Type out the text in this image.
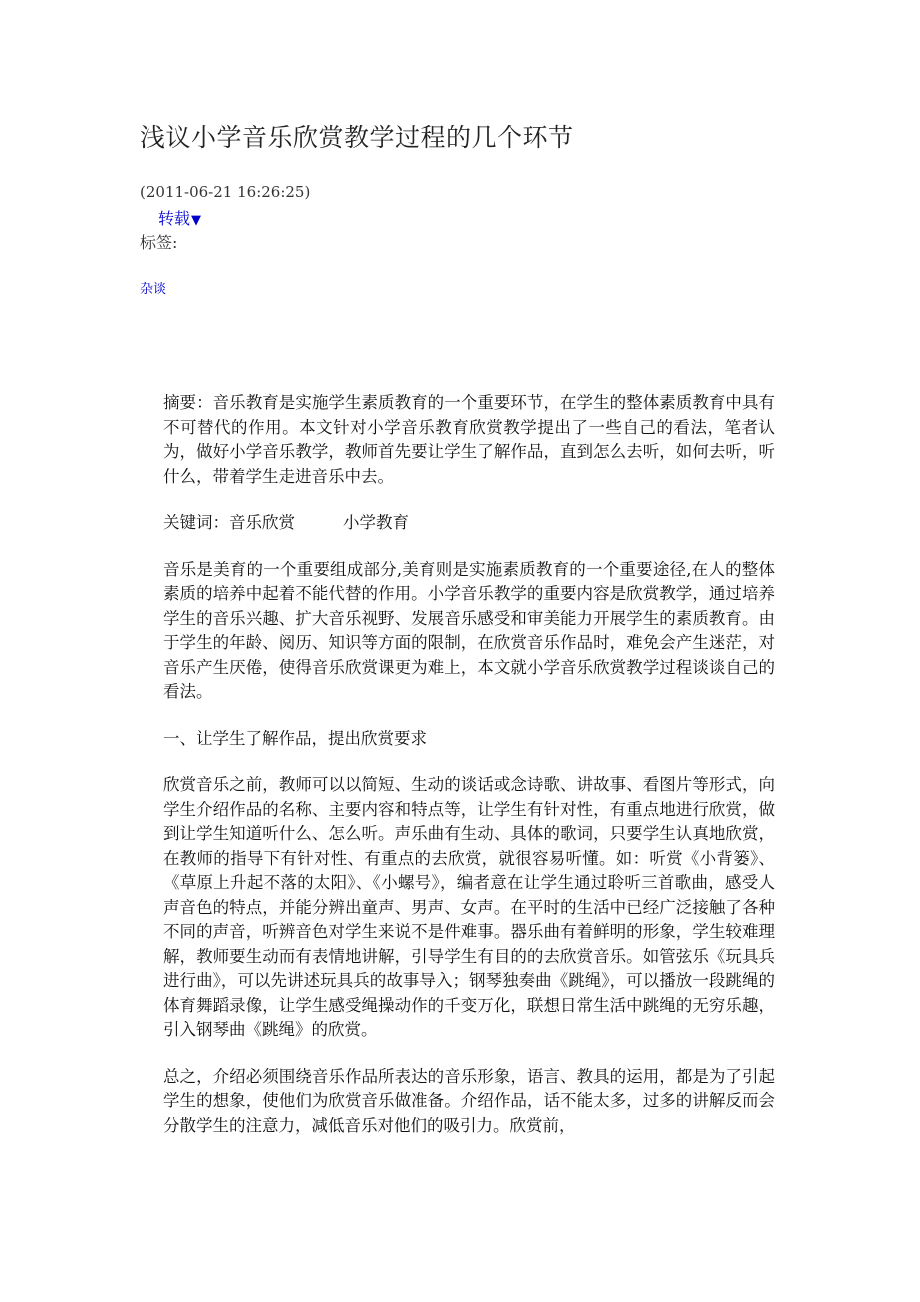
浅议小学音乐欣赏教学过程的几个环节
(2011-06-21 16:26:25)
转载▼
标签:
杂谈

摘要：音乐教育是实施学生素质教育的一个重要环节，在学生的整体素质教育中具有不可替代的作用。本文针对小学音乐教育欣赏教学提出了一些自己的看法，笔者认为，做好小学音乐教学，教师首先要让学生了解作品，直到怎么去听，如何去听，听什么，带着学生走进音乐中去。

关键词：音乐欣赏	小学教育

音乐是美育的一个重要组成部分,美育则是实施素质教育的一个重要途径,在人的整体素质的培养中起着不能代替的作用。小学音乐教学的重要内容是欣赏教学，通过培养学生的音乐兴趣、扩大音乐视野、发展音乐感受和审美能力开展学生的素质教育。由于学生的年龄、阅历、知识等方面的限制，在欣赏音乐作品时，难免会产生迷茫，对音乐产生厌倦，使得音乐欣赏课更为难上，本文就小学音乐欣赏教学过程谈谈自己的看法。

一、让学生了解作品，提出欣赏要求

欣赏音乐之前，教师可以以简短、生动的谈话或念诗歌、讲故事、看图片等形式，向学生介绍作品的名称、主要内容和特点等，让学生有针对性，有重点地进行欣赏，做到让学生知道听什么、怎么听。声乐曲有生动、具体的歌词，只要学生认真地欣赏，在教师的指导下有针对性、有重点的去欣赏，就很容易听懂。如：听赏《小背篓》、《草原上升起不落的太阳》、《小螺号》，编者意在让学生通过聆听三首歌曲，感受人声音色的特点，并能分辨出童声、男声、女声。在平时的生活中已经广泛接触了各种不同的声音，听辨音色对学生来说不是件难事。器乐曲有着鲜明的形象，学生较难理解，教师要生动而有表情地讲解，引导学生有目的的去欣赏音乐。如管弦乐《玩具兵进行曲》，可以先讲述玩具兵的故事导入；钢琴独奏曲《跳绳》，可以播放一段跳绳的体育舞蹈录像，让学生感受绳操动作的千变万化，联想日常生活中跳绳的无穷乐趣，引入钢琴曲《跳绳》的欣赏。

总之，介绍必须围绕音乐作品所表达的音乐形象，语言、教具的运用，都是为了引起学生的想象，使他们为欣赏音乐做准备。介绍作品，话不能太多，过多的讲解反而会分散学生的注意力，减低音乐对他们的吸引力。欣赏前，
